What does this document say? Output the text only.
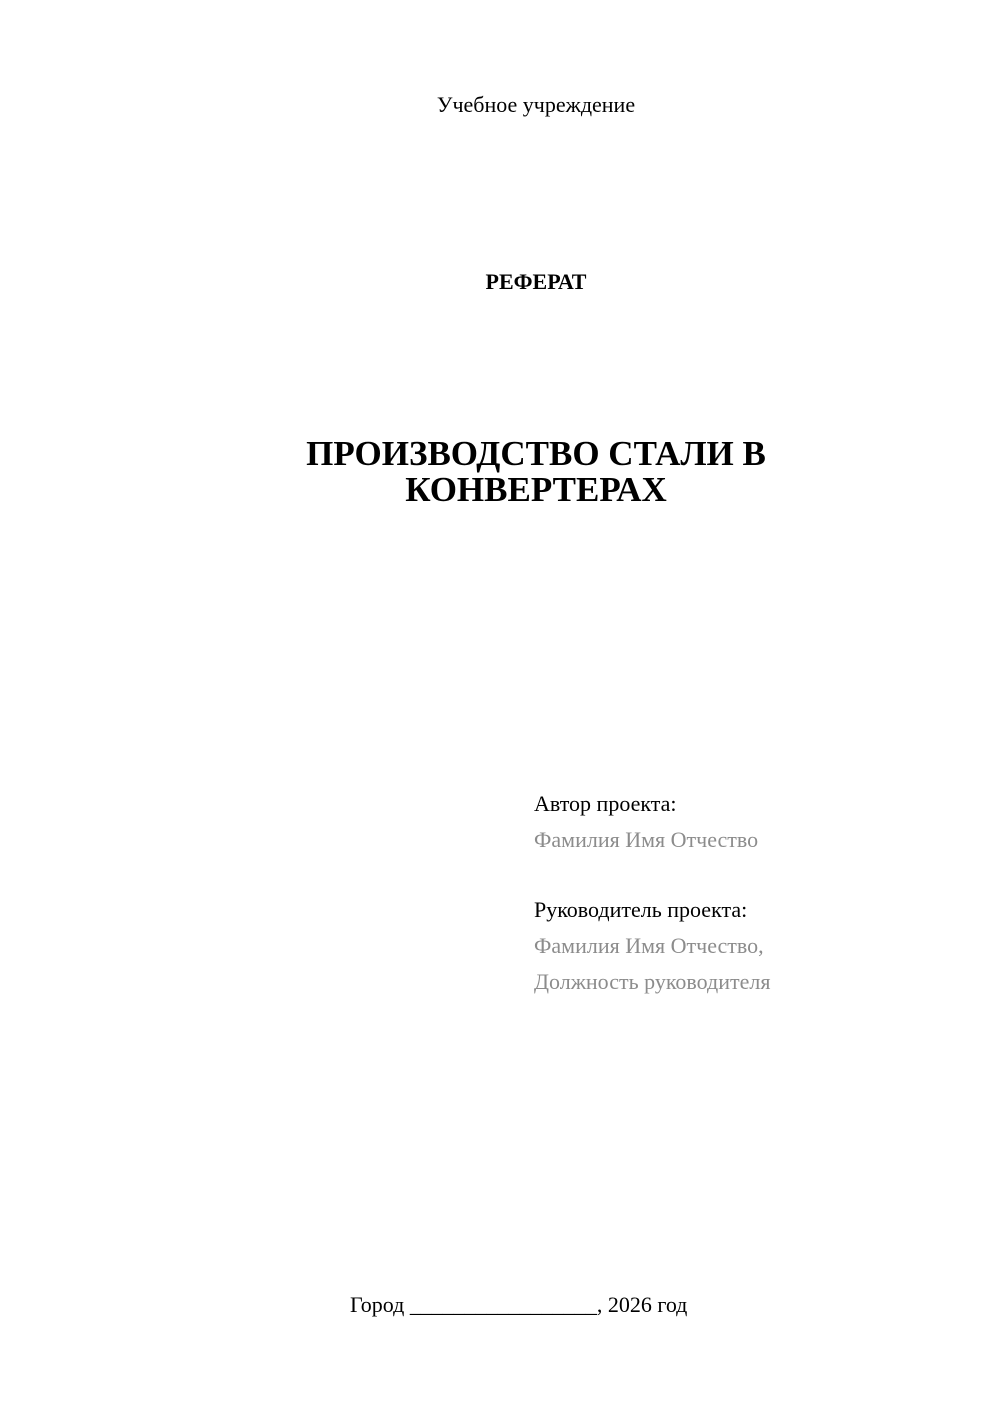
Учебное учреждение
РЕФЕРАТ
ПРОИЗВОДСТВО СТАЛИ В
КОНВЕРТЕРАХ
Автор проекта:
Фамилия Имя Отчество
Руководитель проекта:
Фамилия Имя Отчество,
Должность руководителя
Город _________________, 2026 год
